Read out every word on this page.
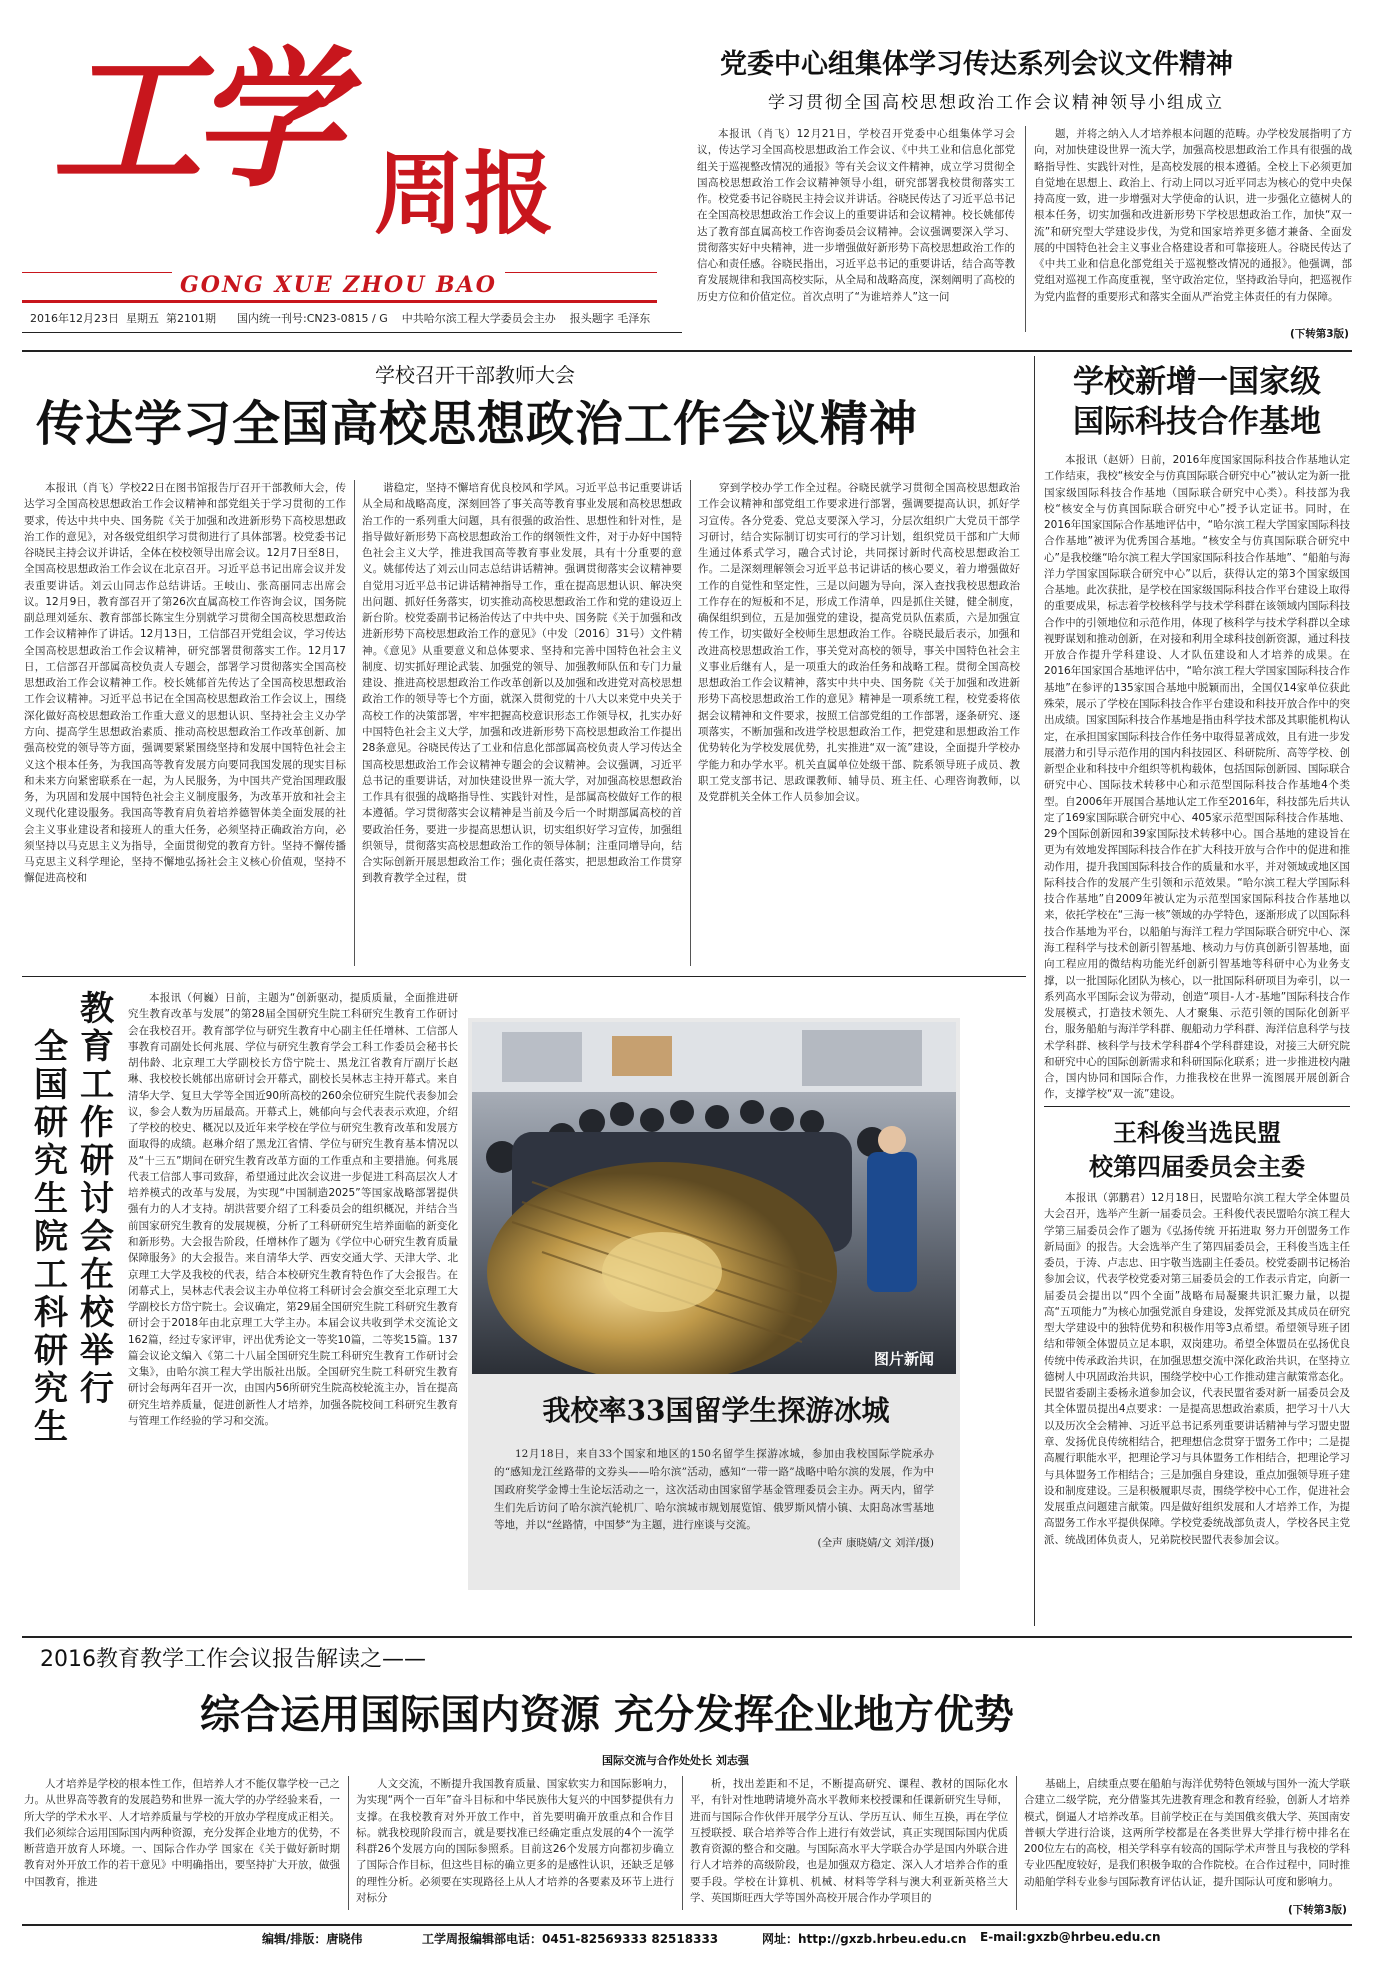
工学 周报
GONG XUE ZHOU BAO
2016年12月23日 星期五 第2101期 国内统一刊号:CN23-0815 / G 中共哈尔滨工程大学委员会主办 报头题字 毛泽东
党委中心组集体学习传达系列会议文件精神
学习贯彻全国高校思想政治工作会议精神领导小组成立

本报讯（肖飞）12月21日，学校召开党委中心组集体学习会议，传达学习全国高校思想政治工作会议、《中共工业和信息化部党组关于巡视整改情况的通报》等有关会议文件精神，成立学习贯彻全国高校思想政治工作会议精神领导小组，研究部署我校贯彻落实工作。校党委书记谷晓民主持会议并讲话。谷晓民传达了习近平总书记在全国高校思想政治工作会议上的重要讲话和会议精神。校长姚郁传达了教育部直属高校工作咨询委员会议精神。会议强调要深入学习、贯彻落实好中央精神，进一步增强做好新形势下高校思想政治工作的信心和责任感。谷晓民指出，习近平总书记的重要讲话，结合高等教育发展规律和我国高校实际，从全局和战略高度，深刻阐明了高校的历史方位和价值定位。首次点明了“为谁培养人”这一问

题，并将之纳入人才培养根本问题的范畴。办学校发展指明了方向，对加快建设世界一流大学，加强高校思想政治工作具有很强的战略指导性、实践针对性，是高校发展的根本遵循。全校上下必须更加自觉地在思想上、政治上、行动上同以习近平同志为核心的党中央保持高度一致，进一步增强对大学使命的认识，进一步强化立德树人的根本任务，切实加强和改进新形势下学校思想政治工作，加快“双一流”和研究型大学建设步伐，为党和国家培养更多德才兼备、全面发展的中国特色社会主义事业合格建设者和可靠接班人。谷晓民传达了《中共工业和信息化部党组关于巡视整改情况的通报》。他强调，部党组对巡视工作高度重视，坚守政治定位，坚持政治导向，把巡视作为党内监督的重要形式和落实全面从严治党主体责任的有力保障。

(下转第3版)
学校召开干部教师大会
传达学习全国高校思想政治工作会议精神

本报讯（肖飞）学校22日在图书馆报告厅召开干部教师大会，传达学习全国高校思想政治工作会议精神和部党组关于学习贯彻的工作要求，传达中共中央、国务院《关于加强和改进新形势下高校思想政治工作的意见》，对各级党组织学习贯彻进行了具体部署。校党委书记谷晓民主持会议并讲话，全体在校校领导出席会议。12月7日至8日，全国高校思想政治工作会议在北京召开。习近平总书记出席会议并发表重要讲话。刘云山同志作总结讲话。王岐山、张高丽同志出席会议。12月9日，教育部召开了第26次直属高校工作咨询会议，国务院副总理刘延东、教育部部长陈宝生分别就学习贯彻全国高校思想政治工作会议精神作了讲话。12月13日，工信部召开党组会议，学习传达全国高校思想政治工作会议精神，研究部署贯彻落实工作。12月17日，工信部召开部属高校负责人专题会，部署学习贯彻落实全国高校思想政治工作会议精神工作。校长姚郁首先传达了全国高校思想政治工作会议精神。习近平总书记在全国高校思想政治工作会议上，围绕深化做好高校思想政治工作重大意义的思想认识、坚持社会主义办学方向、提高学生思想政治素质、推动高校思想政治工作改革创新、加强高校党的领导等方面，强调要紧紧围绕坚持和发展中国特色社会主义这个根本任务，为我国高等教育发展方向要同我国发展的现实目标和未来方向紧密联系在一起，为人民服务，为中国共产党治国理政服务，为巩固和发展中国特色社会主义制度服务，为改革开放和社会主义现代化建设服务。我国高等教育肩负着培养德智体美全面发展的社会主义事业建设者和接班人的重大任务，必须坚持正确政治方向，必须坚持以马克思主义为指导，全面贯彻党的教育方针。坚持不懈传播马克思主义科学理论，坚持不懈地弘扬社会主义核心价值观，坚持不懈促进高校和

谐稳定，坚持不懈培育优良校风和学风。习近平总书记重要讲话从全局和战略高度，深刻回答了事关高等教育事业发展和高校思想政治工作的一系列重大问题，具有很强的政治性、思想性和针对性，是指导做好新形势下高校思想政治工作的纲领性文件，对于办好中国特色社会主义大学，推进我国高等教育事业发展，具有十分重要的意义。姚郁传达了刘云山同志总结讲话精神。强调贯彻落实会议精神要自觉用习近平总书记讲话精神指导工作，重在提高思想认识、解决突出问题、抓好任务落实，切实推动高校思想政治工作和党的建设迈上新台阶。校党委副书记杨治传达了中共中央、国务院《关于加强和改进新形势下高校思想政治工作的意见》（中发〔2016〕31号）文件精神。《意见》从重要意义和总体要求、坚持和完善中国特色社会主义制度、切实抓好理论武装、加强党的领导、加强教师队伍和专门力量建设、推进高校思想政治工作改革创新以及加强和改进党对高校思想政治工作的领导等七个方面，就深入贯彻党的十八大以来党中央关于高校工作的决策部署，牢牢把握高校意识形态工作领导权，扎实办好中国特色社会主义大学，加强和改进新形势下高校思想政治工作提出28条意见。谷晓民传达了工业和信息化部部属高校负责人学习传达全国高校思想政治工作会议精神专题会的会议精神。会议强调，习近平总书记的重要讲话，对加快建设世界一流大学，对加强高校思想政治工作具有很强的战略指导性、实践针对性，是部属高校做好工作的根本遵循。学习贯彻落实会议精神是当前及今后一个时期部属高校的首要政治任务，要进一步提高思想认识，切实组织好学习宣传，加强组织领导，贯彻落实高校思想政治工作的领导体制；注重同增导向，结合实际创新开展思想政治工作；强化责任落实，把思想政治工作贯穿到教育教学全过程，贯

穿到学校办学工作全过程。谷晓民就学习贯彻全国高校思想政治工作会议精神和部党组工作要求进行部署，强调要提高认识，抓好学习宣传。各分党委、党总支要深入学习，分层次组织广大党员干部学习研讨，结合实际制订切实可行的学习计划，组织党员干部和广大师生通过体系式学习，融合式讨论，共同探讨新时代高校思想政治工作。二是深刻理解领会习近平总书记讲话的核心要义，着力增强做好工作的自觉性和坚定性，三是以问题为导向，深入查找我校思想政治工作存在的短板和不足，形成工作清单，四是抓住关键，健全制度，确保组织到位，五是加强党的建设，提高党员队伍素质，六是加强宣传工作，切实做好全校师生思想政治工作。谷晓民最后表示，加强和改进高校思想政治工作，事关党对高校的领导，事关中国特色社会主义事业后继有人，是一项重大的政治任务和战略工程。贯彻全国高校思想政治工作会议精神，落实中共中央、国务院《关于加强和改进新形势下高校思想政治工作的意见》精神是一项系统工程，校党委将依据会议精神和文件要求，按照工信部党组的工作部署，逐条研究、逐项落实，不断加强和改进学校思想政治工作，把党建和思想政治工作优势转化为学校发展优势，扎实推进“双一流”建设，全面提升学校办学能力和办学水平。机关直属单位处级干部、院系领导班子成员、教职工党支部书记、思政课教师、辅导员、班主任、心理咨询教师，以及党群机关全体工作人员参加会议。

学校新增一国家级
国际科技合作基地

本报讯（赵妍）日前，2016年度国家国际科技合作基地认定工作结束，我校“核安全与仿真国际联合研究中心”被认定为新一批国家级国际科技合作基地（国际联合研究中心类）。科技部为我校“核安全与仿真国际联合研究中心”授予认定证书。同时，在2016年国家国际合作基地评估中，“哈尔滨工程大学国家国际科技合作基地”被评为优秀国合基地。“核安全与仿真国际联合研究中心”是我校继“哈尔滨工程大学国家国际科技合作基地”、“船舶与海洋力学国家国际联合研究中心”以后，获得认定的第3个国家级国合基地。此次获批，是学校在国家级国际科技合作平台建设上取得的重要成果，标志着学校核科学与技术学科群在该领域内国际科技合作中的引领地位和示范作用，体现了核科学与技术学科群以全球视野谋划和推动创新，在对接和利用全球科技创新资源，通过科技开放合作提升学科建设、人才队伍建设和人才培养的成果。在2016年国家国合基地评估中，“哈尔滨工程大学国家国际科技合作基地”在参评的135家国合基地中脱颖而出，全国仅14家单位获此殊荣，展示了学校在国际科技合作平台建设和科技开放合作中的突出成绩。国家国际科技合作基地是指由科学技术部及其职能机构认定，在承担国家国际科技合作任务中取得显著成效，且有进一步发展潜力和引导示范作用的国内科技园区、科研院所、高等学校、创新型企业和科技中介组织等机构载体，包括国际创新园、国际联合研究中心、国际技术转移中心和示范型国际科技合作基地4个类型。自2006年开展国合基地认定工作至2016年，科技部先后共认定了169家国际联合研究中心、405家示范型国际科技合作基地、29个国际创新园和39家国际技术转移中心。国合基地的建设旨在更为有效地发挥国际科技合作在扩大科技开放与合作中的促进和推动作用，提升我国国际科技合作的质量和水平，并对领域或地区国际科技合作的发展产生引领和示范效果。“哈尔滨工程大学国际科技合作基地”自2009年被认定为示范型国家国际科技合作基地以来，依托学校在“三海一核”领域的办学特色，逐渐形成了以国际科技合作基地为平台，以船舶与海洋工程力学国际联合研究中心、深海工程科学与技术创新引智基地、核动力与仿真创新引智基地，面向工程应用的微结构功能光纤创新引智基地等科研中心为业务支撑，以一批国际化团队为核心，以一批国际科研项目为牵引，以一系列高水平国际会议为带动，创造“项目-人才-基地”国际科技合作发展模式，打造技术领先、人才聚集、示范引领的国际化创新平台，服务船舶与海洋学科群、舰船动力学科群、海洋信息科学与技术学科群、核科学与技术学科群4个学科群建设，对接三大研究院和研究中心的国际创新需求和科研国际化联系；进一步推进校内融合，国内协同和国际合作，力推我校在世界一流图展开展创新合作，支撑学校“双一流”建设。

王科俊当选民盟
校第四届委员会主委

本报讯（郭鹏君）12月18日，民盟哈尔滨工程大学全体盟员大会召开，选举产生新一届委员会。王科俊代表民盟哈尔滨工程大学第三届委员会作了题为《弘扬传统 开拓进取 努力开创盟务工作新局面》的报告。大会选举产生了第四届委员会，王科俊当选主任委员，于涛、卢志忠、田宇敬当选副主任委员。校党委副书记杨治参加会议，代表学校党委对第三届委员会的工作表示肯定，向新一届委员会提出以“四个全面”战略布局凝聚共识汇聚力量，以提高“五项能力”为核心加强党派自身建设，发挥党派及其成员在研究型大学建设中的独特优势和积极作用等3点希望。希望领导班子团结和带领全体盟员立足本职，双岗建功。希望全体盟员在弘扬优良传统中传承政治共识，在加强思想交流中深化政治共识，在坚持立德树人中巩固政治共识，围绕学校中心工作推动建言献策常态化。民盟省委副主委杨永道参加会议，代表民盟省委对新一届委员会及其全体盟员提出4点要求：一是提高思想政治素质，把学习十八大以及历次全会精神、习近平总书记系列重要讲话精神与学习盟史盟章、发扬优良传统相结合，把理想信念贯穿于盟务工作中；二是提高履行职能水平，把理论学习与具体盟务工作相结合，把理论学习与具体盟务工作相结合；三是加强自身建设，重点加强领导班子建设和制度建设。三是积极履职尽责，围绕学校中心工作，促进社会发展重点问题建言献策。四是做好组织发展和人才培养工作，为提高盟务工作水平提供保障。学校党委统战部负责人，学校各民主党派、统战团体负责人，兄弟院校民盟代表参加会议。

全国研究生院工科研究生
教育工作研讨会在校举行

本报讯（何巍）日前，主题为“创新驱动，提质质量，全面推进研究生教育改革与发展”的第28届全国研究生院工科研究生教育工作研讨会在我校召开。教育部学位与研究生教育中心副主任任增林、工信部人事教育司副处长何兆展、学位与研究生教育学会工科工作委员会秘书长胡伟龄、北京理工大学副校长方岱宁院士、黑龙江省教育厅副厅长赵琳、我校校长姚郁出席研讨会开幕式，副校长吴林志主持开幕式。来自清华大学、复旦大学等全国近90所高校的260余位研究生院代表参加会议，参会人数为历届最高。开幕式上，姚郁向与会代表表示欢迎，介绍了学校的校史、概况以及近年来学校在学位与研究生教育改革和发展方面取得的成绩。赵琳介绍了黑龙江省情、学位与研究生教育基本情况以及“十三五”期间在研究生教育改革方面的工作重点和主要措施。何兆展代表工信部人事司致辞，希望通过此次会议进一步促进工科高层次人才培养模式的改革与发展，为实现“中国制造2025”等国家战略部署提供强有力的人才支持。胡洪营要介绍了工科委员会的组织概况，并结合当前国家研究生教育的发展规模，分析了工科研研究生培养面临的新变化和新形势。大会报告阶段，任增林作了题为《学位中心研究生教育质量保障服务》的大会报告。来自清华大学、西安交通大学、天津大学、北京理工大学及我校的代表，结合本校研究生教育特色作了大会报告。在闭幕式上，吴林志代表会议主办单位将工科研讨会会旗交至北京理工大学副校长方岱宁院士。会议确定，第29届全国研究生院工科研究生教育研讨会于2018年由北京理工大学主办。本届会议共收到学术交流论文162篇，经过专家评审，评出优秀论文一等奖10篇，二等奖15篇。137篇会议论文编入《第二十八届全国研究生院工科研究生教育工作研讨会文集》，由哈尔滨工程大学出版社出版。全国研究生院工科研究生教育研讨会每两年召开一次，由国内56所研究生院高校轮流主办，旨在提高研究生培养质量，促进创新性人才培养，加强各院校间工科研究生教育与管理工作经验的学习和交流。

图片新闻
我校率33国留学生探游冰城
12月18日，来自33个国家和地区的150名留学生探游冰城，参加由我校国际学院承办的“感知龙江丝路带的文券头——哈尔滨”活动，感知“一带一路”战略中哈尔滨的发展，作为中国政府奖学金博士生论坛活动之一，这次活动由国家留学基金管理委员会主办。两天内，留学生们先后访问了哈尔滨汽轮机厂、哈尔滨城市规划展览馆、俄罗斯风情小镇、太阳岛冰雪基地等地，并以“丝路情，中国梦”为主题，进行座谈与交流。
(全声 康晓婧/文 刘洋/摄)
2016教育教学工作会议报告解读之——
综合运用国际国内资源 充分发挥企业地方优势
国际交流与合作处处长 刘志强

人才培养是学校的根本性工作，但培养人才不能仅靠学校一己之力。从世界高等教育的发展趋势和世界一流大学的办学经验来看，一所大学的学术水平、人才培养质量与学校的开放办学程度成正相关。我们必须综合运用国际国内两种资源，充分发挥企业地方的优势，不断营造开放育人环境。一、国际合作办学 国家在《关于做好新时期教育对外开放工作的若干意见》中明确指出，要坚持扩大开放，做强中国教育，推进

人文交流，不断提升我国教育质量、国家软实力和国际影响力，为实现“两个一百年”奋斗目标和中华民族伟大复兴的中国梦提供有力支撑。在我校教育对外开放工作中，首先要明确开放重点和合作目标。就我校现阶段而言，就是要找准已经确定重点发展的4个一流学科群26个发展方向的国际参照系。目前这26个发展方向都初步确立了国际合作目标，但这些目标的确立更多的是感性认识，还缺乏足够的理性分析。必须要在实现路径上从人才培养的各要素及环节上进行对标分

析，找出差距和不足，不断提高研究、课程、教材的国际化水平，有针对性地聘请境外高水平教师来校授课和任课新研究生导师，进而与国际合作伙伴开展学分互认、学历互认、师生互换，再在学位互授联授、联合培养等合作上进行有效尝试，真正实现国际国内优质教育资源的整合和交融。与国际高水平大学联合办学是国内外联合进行人才培养的高级阶段，也是加强双方稳定、深入人才培养合作的重要手段。学校在计算机、机械、材料等学科与澳大利亚新英格兰大学、英国斯旺西大学等国外高校开展合作办学项目的

基础上，启续重点要在船舶与海洋优势特色领域与国外一流大学联合建立二级学院，充分借鉴其先进教育理念和教育经验，创新人才培养模式，倒逼人才培养改革。目前学校正在与美国俄亥俄大学、英国南安普顿大学进行洽谈，这两所学校都是在各类世界大学排行榜中排名在200位左右的高校，相关学科享有较高的国际学术声誉且与我校的学科专业匹配度较好，是我们积极争取的合作院校。在合作过程中，同时推动船舶学科专业参与国际教育评估认证，提升国际认可度和影响力。

(下转第3版)
编辑/排版：唐晓伟	工学周报编辑部电话：0451-82569333 82518333	网址：http://gxzb.hrbeu.edu.cn E-mail:gxzb@hrbeu.edu.cn
